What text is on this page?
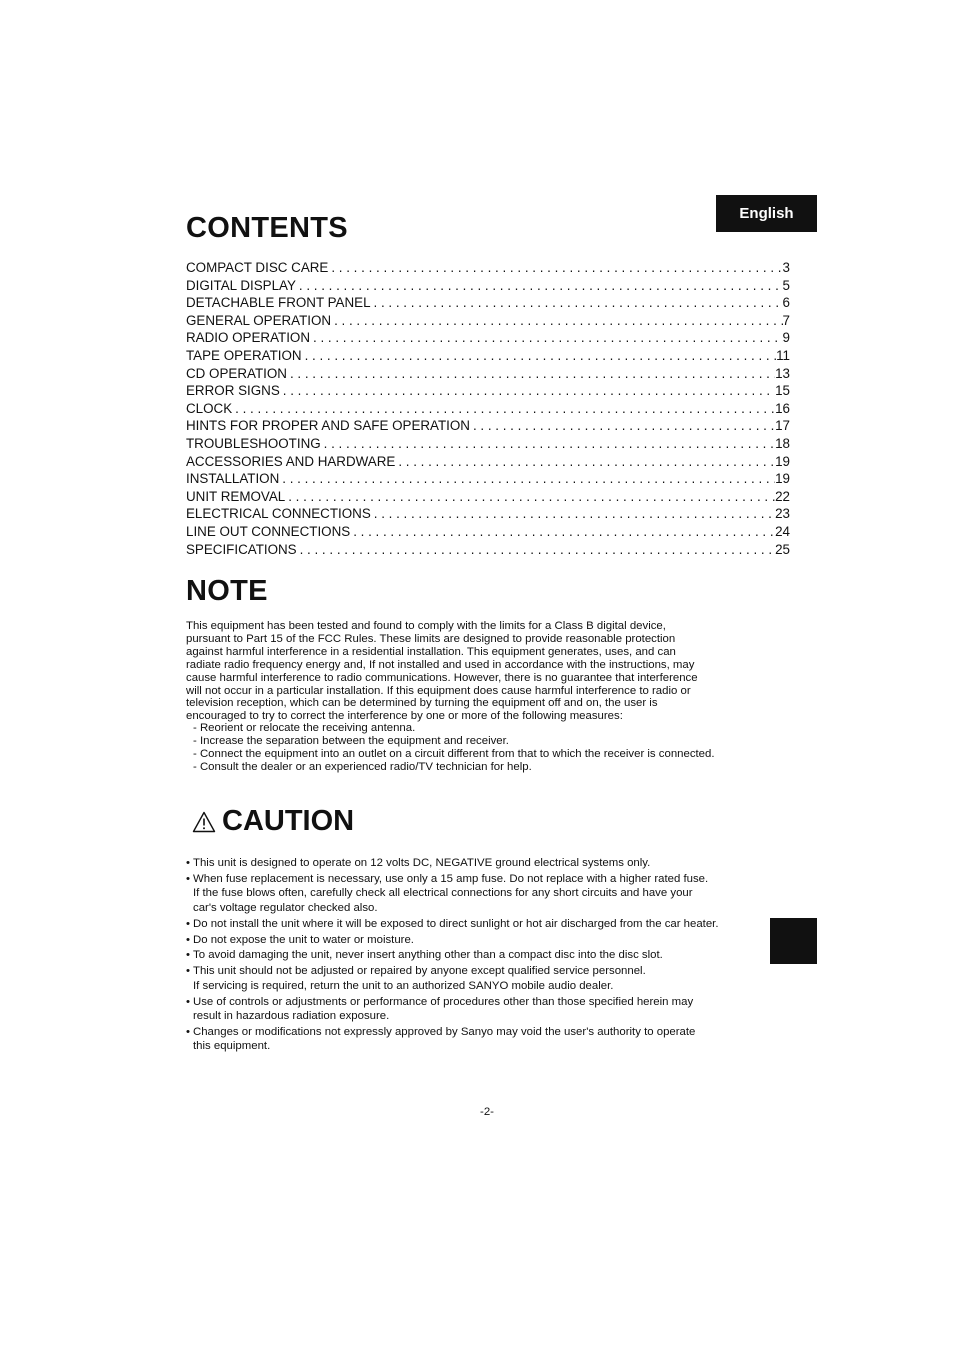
English
CONTENTS
COMPACT DISC CARE . . .	3
DIGITAL DISPLAY . . .	5
DETACHABLE FRONT PANEL . . .	6
GENERAL OPERATION . . .	7
RADIO OPERATION . . .	9
TAPE OPERATION . . .	11
CD OPERATION . . .	13
ERROR SIGNS . . .	15
CLOCK . . .	16
HINTS FOR PROPER AND SAFE OPERATION . . .	17
TROUBLESHOOTING . . .	18
ACCESSORIES AND HARDWARE . . .	19
INSTALLATION . . .	19
UNIT REMOVAL . . .	22
ELECTRICAL CONNECTIONS . . .	23
LINE OUT CONNECTIONS . . .	24
SPECIFICATIONS . . .	25
NOTE
This equipment has been tested and found to comply with the limits for a Class B digital device,
pursuant to Part 15 of the FCC Rules. These limits are designed to provide reasonable protection
against harmful interference in a residential installation. This equipment generates, uses, and can
radiate radio frequency energy and, If not installed and used in accordance with the instructions, may
cause harmful interference to radio communications. However, there is no guarantee that interference
will not occur in a particular installation. If this equipment does cause harmful interference to radio or
television reception, which can be determined by turning the equipment off and on, the user is
encouraged to try to correct the interference by one or more of the following measures:
- Reorient or relocate the receiving antenna.
- Increase the separation between the equipment and receiver.
- Connect the equipment into an outlet on a circuit different from that to which the receiver is connected.
- Consult the dealer or an experienced radio/TV technician for help.
CAUTION
• This unit is designed to operate on 12 volts DC, NEGATIVE ground electrical systems only.
• When fuse replacement is necessary, use only a 15 amp fuse. Do not replace with a higher rated fuse.
If the fuse blows often, carefully check all electrical connections for any short circuits and have your
car's voltage regulator checked also.
• Do not install the unit where it will be exposed to direct sunlight or hot air discharged from the car heater.
• Do not expose the unit to water or moisture.
• To avoid damaging the unit, never insert anything other than a compact disc into the disc slot.
• This unit should not be adjusted or repaired by anyone except qualified service personnel.
If servicing is required, return the unit to an authorized SANYO mobile audio dealer.
• Use of controls or adjustments or performance of procedures other than those specified herein may
result in hazardous radiation exposure.
• Changes or modifications not expressly approved by Sanyo may void the user's authority to operate
this equipment.
-2-
